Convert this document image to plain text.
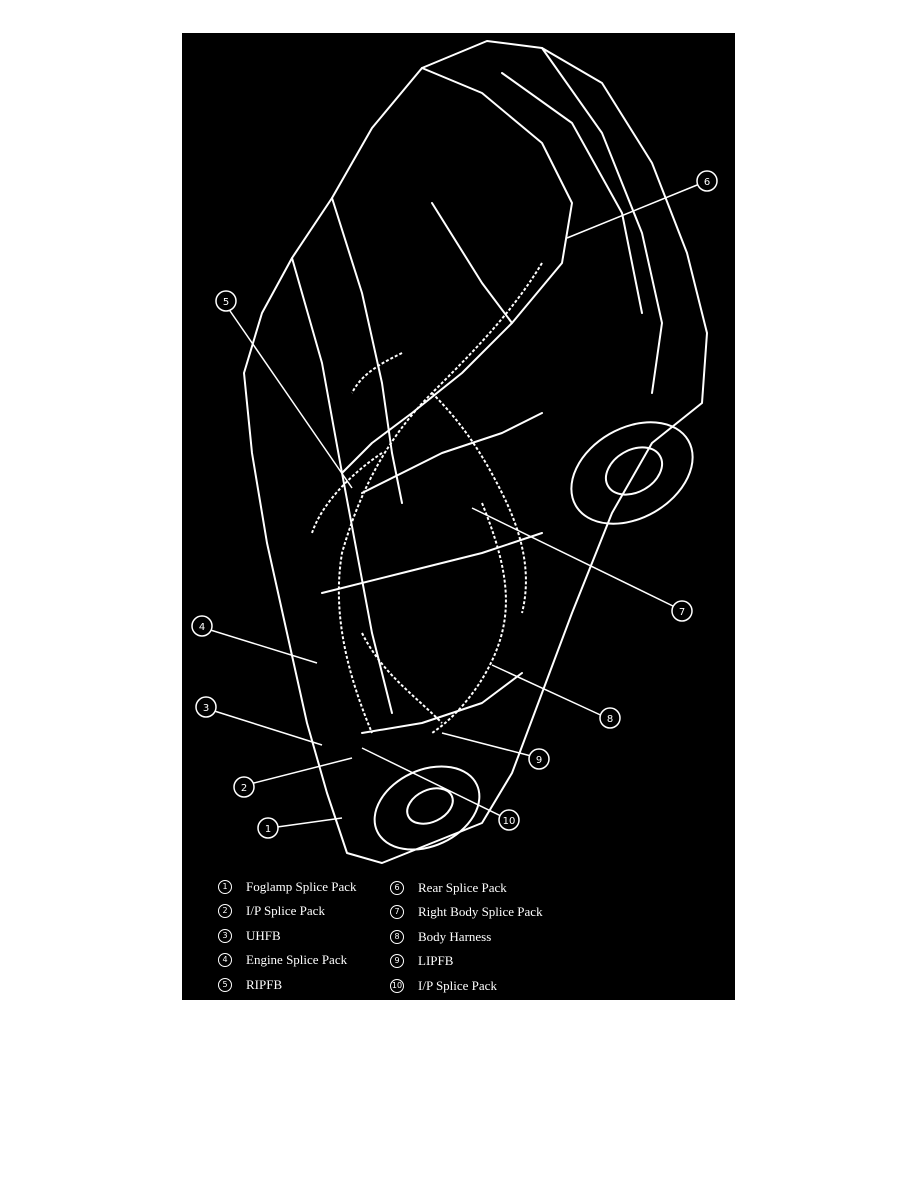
6
5
7
4
8
3
9
2
10
1
1	Foglamp Splice Pack
2	I/P Splice Pack
3	UHFB
4	Engine Splice Pack
5	RIPFB
6	Rear Splice Pack
7	Right Body Splice Pack
8	Body Harness
9	LIPFB
10 I/P Splice Pack
